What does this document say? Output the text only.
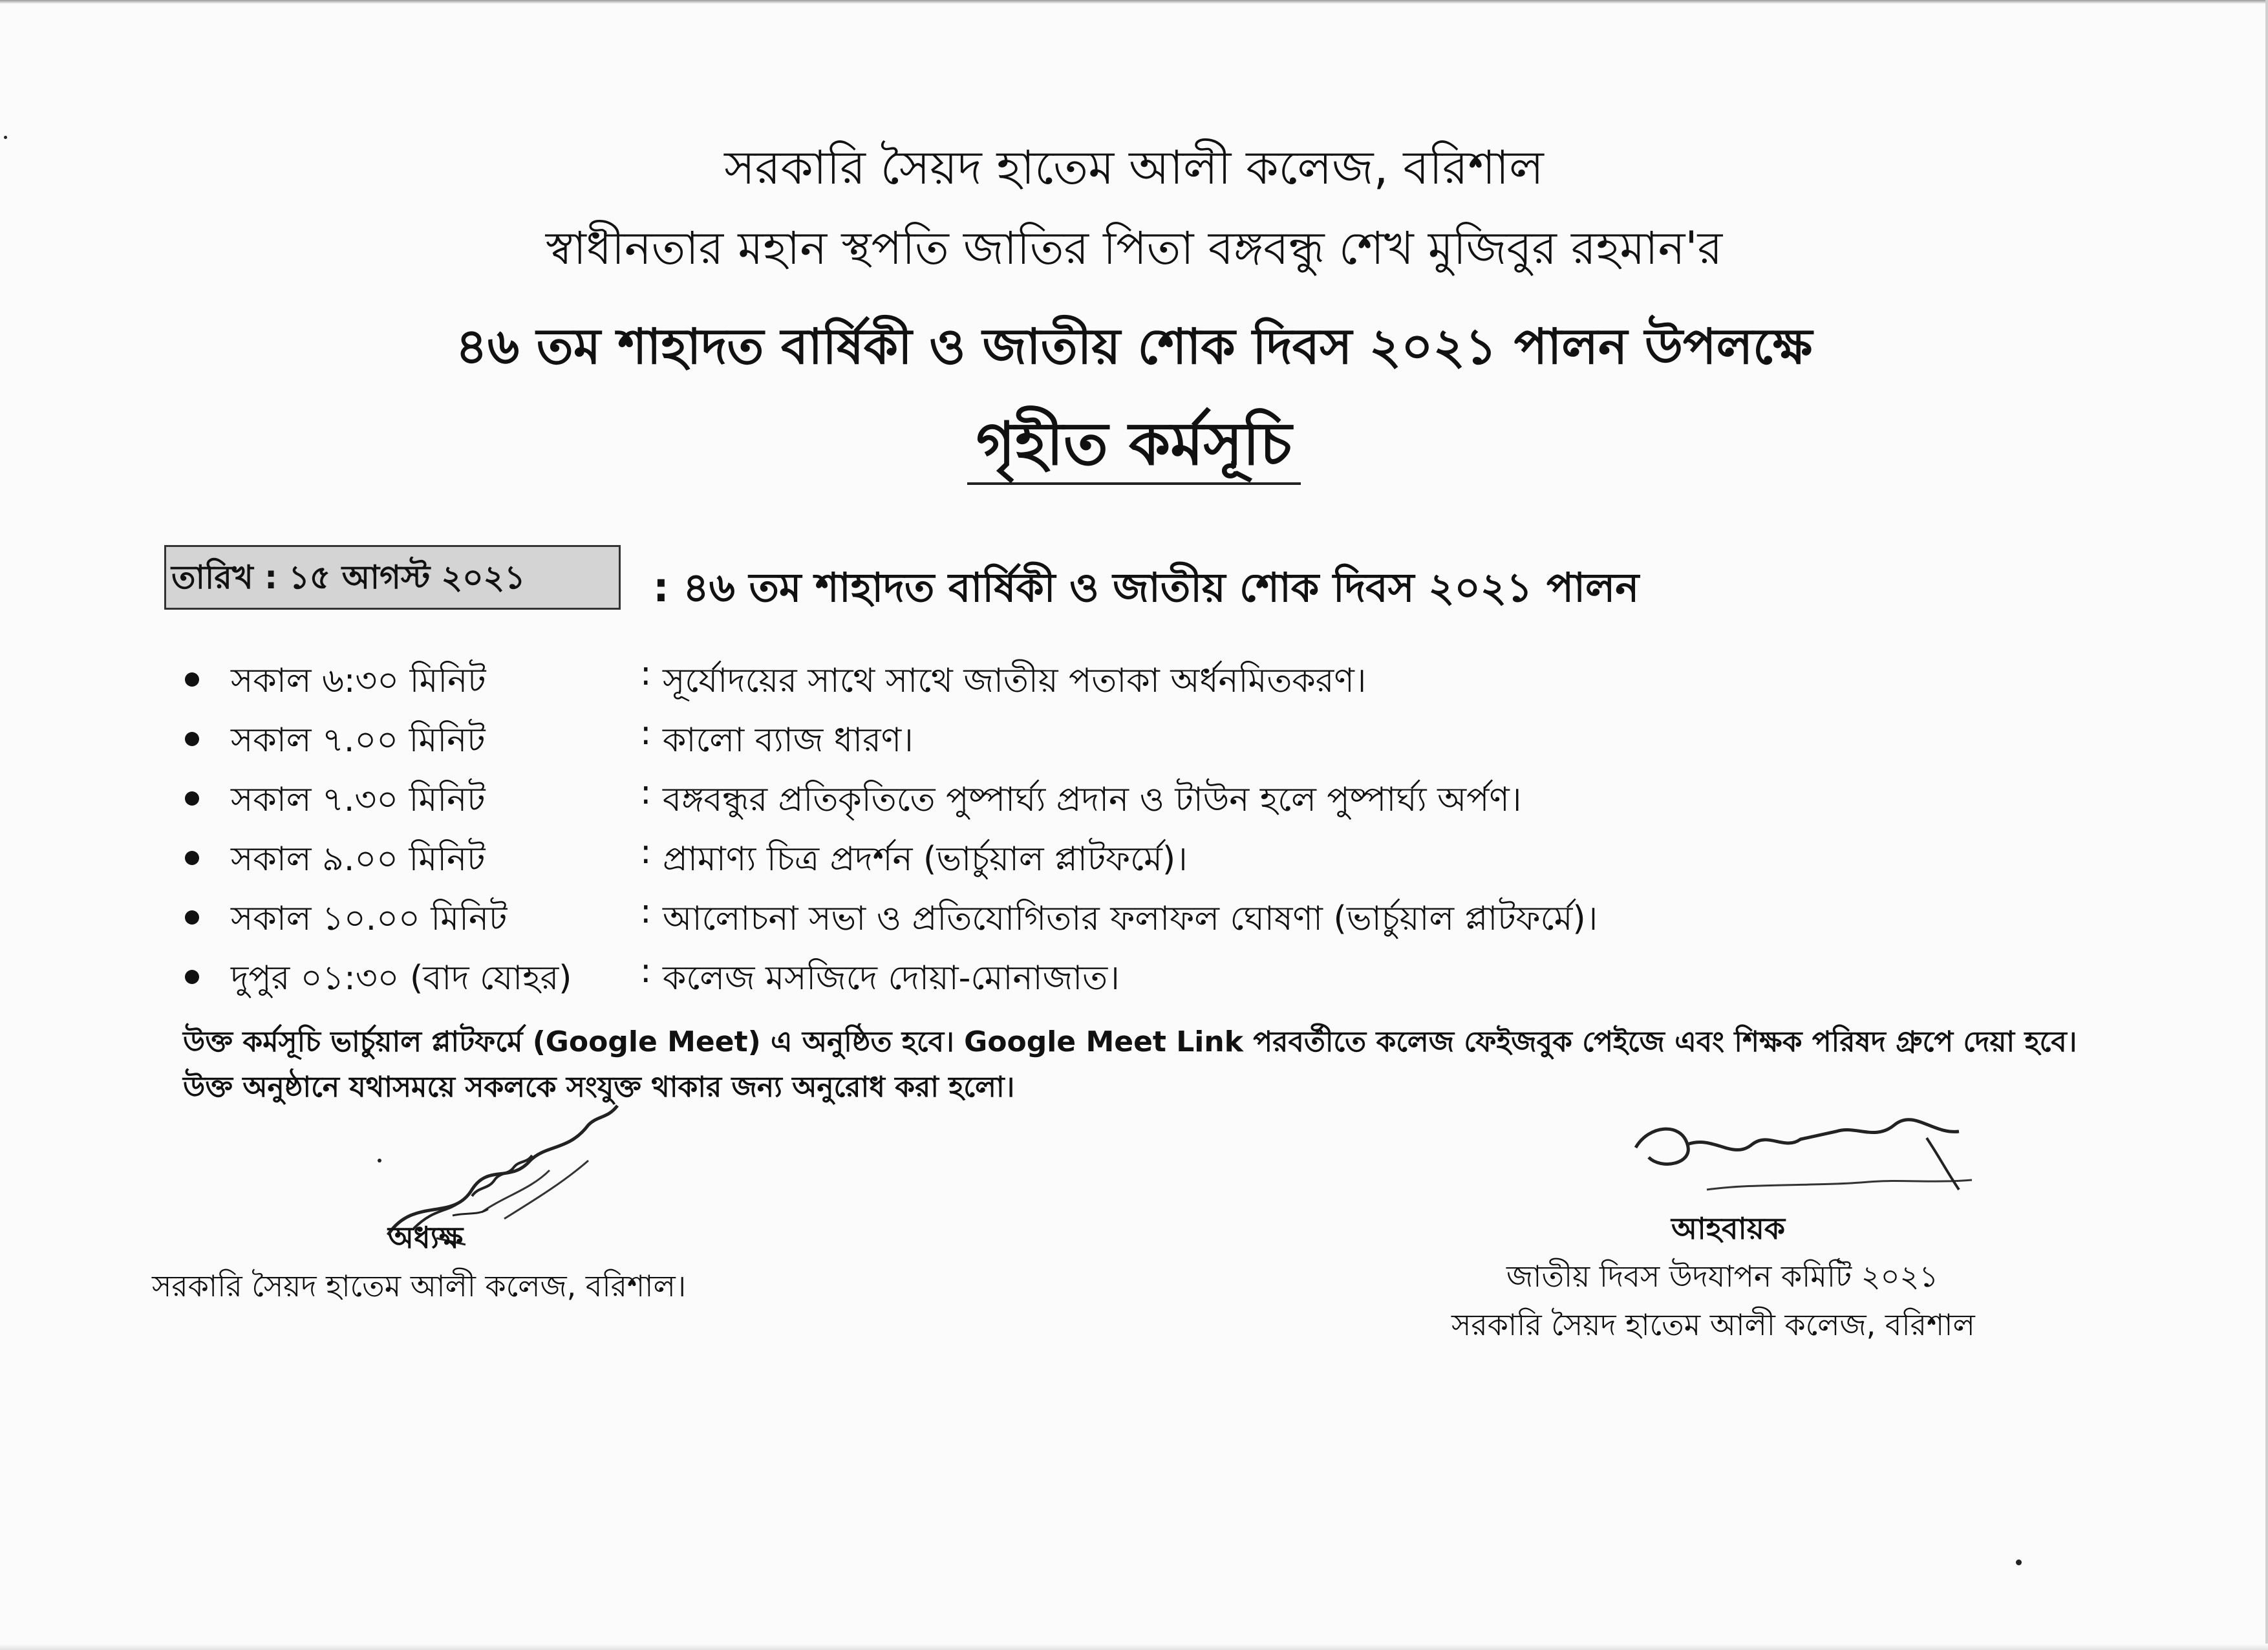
সরকারি সৈয়দ হাতেম আলী কলেজ, বরিশাল
স্বাধীনতার মহান স্থপতি জাতির পিতা বঙ্গবন্ধু শেখ মুজিবুর রহমান'র
৪৬ তম শাহাদত বার্ষিকী ও জাতীয় শোক দিবস ২০২১ পালন উপলক্ষে
গৃহীত কর্মসূচি
তারিখ : ১৫ আগস্ট ২০২১	: ৪৬ তম শাহাদত বার্ষিকী ও জাতীয় শোক দিবস ২০২১ পালন
সকাল ৬:৩০ মিনিট	: সূর্যোদয়ের সাথে সাথে জাতীয় পতাকা অর্ধনমিতকরণ।
সকাল ৭.০০ মিনিট	: কালো ব্যাজ ধারণ।
সকাল ৭.৩০ মিনিট	: বঙ্গবন্ধুর প্রতিকৃতিতে পুষ্পার্ঘ্য প্রদান ও টাউন হলে পুষ্পার্ঘ্য অর্পণ।
সকাল ৯.০০ মিনিট	: প্রামাণ্য চিত্র প্রদর্শন (ভার্চুয়াল প্লাটফর্মে)।
সকাল ১০.০০ মিনিট	: আলোচনা সভা ও প্রতিযোগিতার ফলাফল ঘোষণা (ভার্চুয়াল প্লাটফর্মে)।
দুপুর ০১:৩০ (বাদ যোহর) : কলেজ মসজিদে দোয়া-মোনাজাত।
উক্ত কর্মসূচি ভার্চুয়াল প্লাটফর্মে (Google Meet) এ অনুষ্ঠিত হবে। Google Meet Link পরবর্তীতে কলেজ ফেইজবুক পেইজে এবং শিক্ষক পরিষদ গ্রুপে দেয়া হবে।
উক্ত অনুষ্ঠানে যথাসময়ে সকলকে সংযুক্ত থাকার জন্য অনুরোধ করা হলো।
অধ্যক্ষ
সরকারি সৈয়দ হাতেম আলী কলেজ, বরিশাল।
আহবায়ক
জাতীয় দিবস উদযাপন কমিটি ২০২১
সরকারি সৈয়দ হাতেম আলী কলেজ, বরিশাল
